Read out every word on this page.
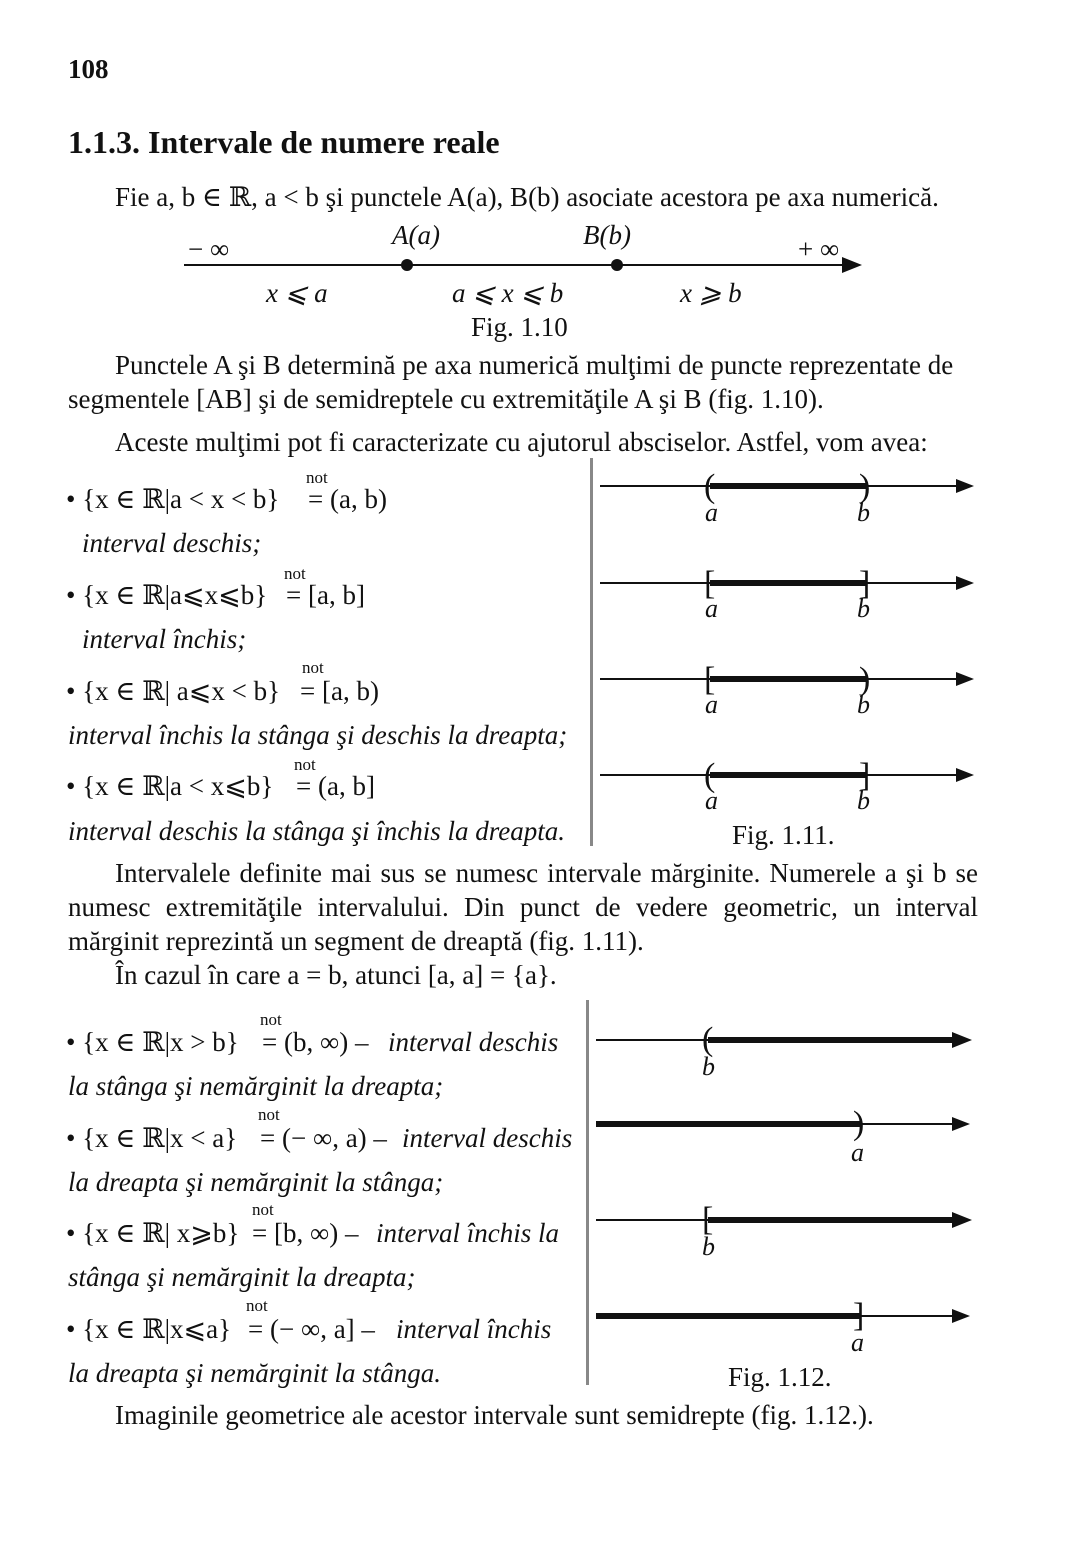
108
1.1.3. Intervale de numere reale
Fie a, b ∈ ℝ, a < b şi punctele A(a), B(b) asociate acestora pe axa numerică.
− ∞	A(a)	B(b)	+ ∞
x ⩽ a	a ⩽ x ⩽ b	x ⩾ b
Fig. 1.10
Punctele A şi B determină pe axa numerică mulţimi de puncte reprezentate de
segmentele [AB] şi de semidreptele cu extremităţile A şi B (fig. 1.10).
Aceste mulţimi pot fi caracterizate cu ajutorul absciselor. Astfel, vom avea:
not
• {x ∈ ℝ|a < x < b} = (a, b)
interval deschis;
not
• {x ∈ ℝ|a⩽x⩽b} = [a, b]
interval închis;
not
• {x ∈ ℝ| a⩽x < b} = [a, b)
interval închis la stânga şi deschis la dreapta;
not
• {x ∈ ℝ|a < x⩽b} = (a, b]
interval deschis la stânga şi închis la dreapta.
(	)
a	b
[	]
a	b
[	)
a	b
(	]
a	b
Fig. 1.11.
Intervalele definite mai sus se numesc intervale mărginite. Numerele a şi b se numesc extremităţile intervalului. Din punct de vedere geometric, un interval mărginit reprezintă un segment de dreaptă (fig. 1.11).
În cazul în care a = b, atunci [a, a] = {a}.
not
• {x ∈ ℝ|x > b} = (b, ∞) – interval deschis
la stânga şi nemărginit la dreapta;
not
• {x ∈ ℝ|x < a} = (− ∞, a) – interval deschis
la dreapta şi nemărginit la stânga;
not
• {x ∈ ℝ| x⩾b} = [b, ∞) – interval închis la
stânga şi nemărginit la dreapta;
not
• {x ∈ ℝ|x⩽a} = (− ∞, a] – interval închis
la dreapta şi nemărginit la stânga.
(
b
)
a
[
b
]
a
Fig. 1.12.
Imaginile geometrice ale acestor intervale sunt semidrepte (fig. 1.12.).
